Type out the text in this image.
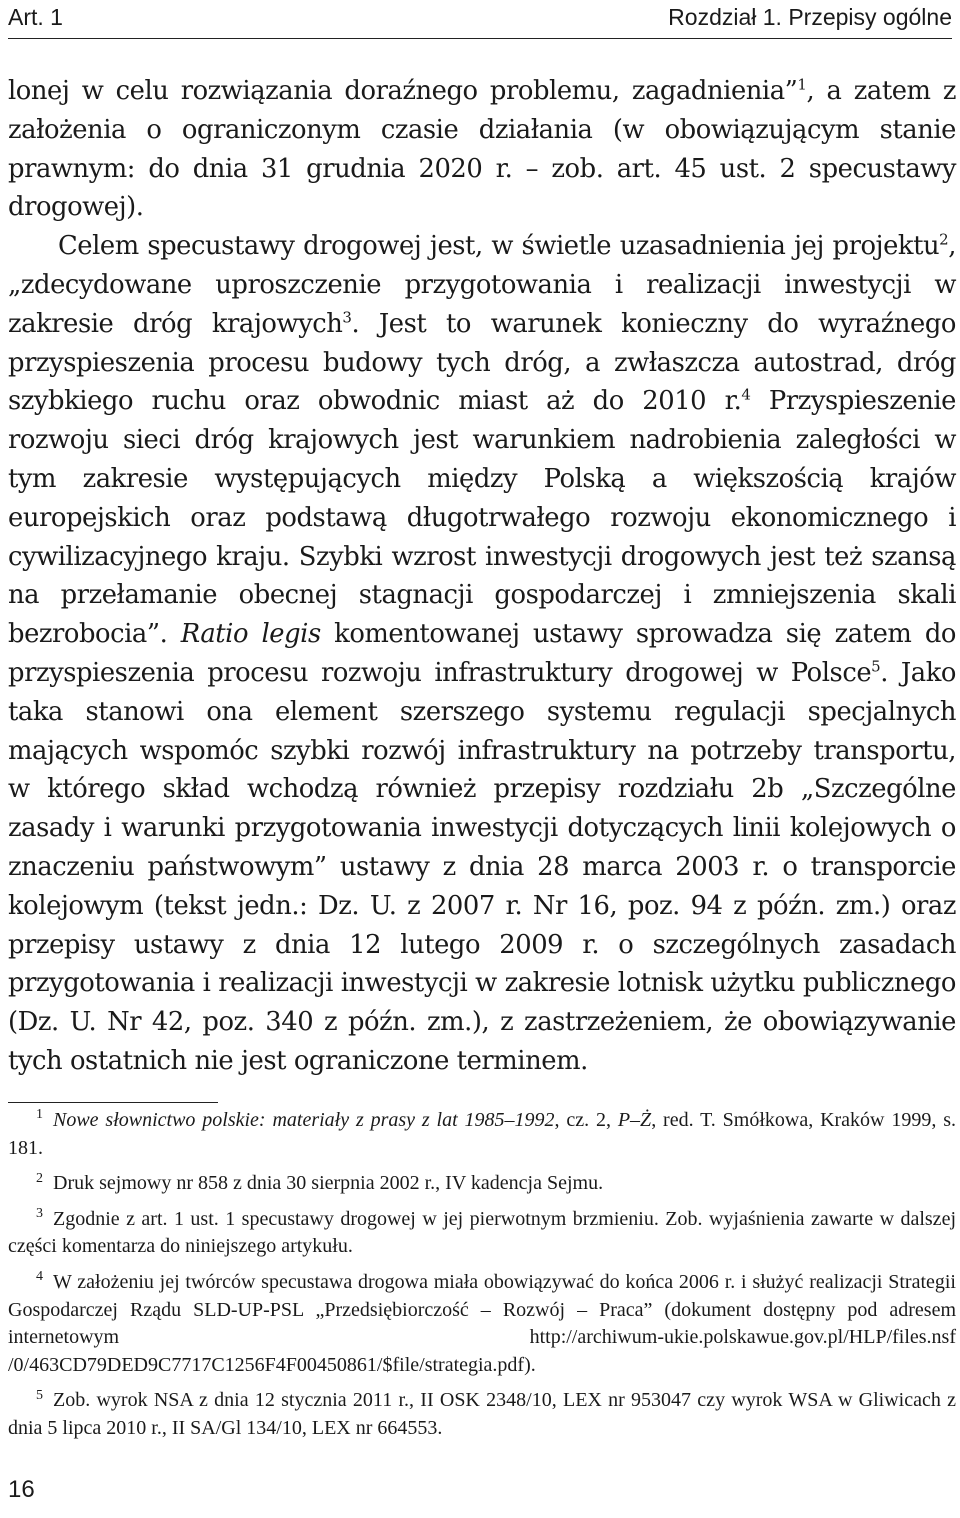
Art. 1	Rozdział 1. Przepisy ogólne

lonej w celu rozwiązania doraźnego problemu, zagadnienia”$^1$, a zatem z założenia o ograniczonym czasie działania (w obowiązującym stanie prawnym: do dnia 31 grudnia 2020 r. – zob. art. 45 ust. 2 specustawy drogowej).

Celem specustawy drogowej jest, w świetle uzasadnienia jej projektu$^2$, „zdecydowane uproszczenie przygotowania i realizacji inwestycji w zakresie dróg krajowych$^3$. Jest to warunek konieczny do wyraźnego przyspieszenia procesu budowy tych dróg, a zwłaszcza autostrad, dróg szybkiego ruchu oraz obwodnic miast aż do 2010 r.$^4$ Przyspieszenie rozwoju sieci dróg krajowych jest warunkiem nadrobienia zaległości w tym zakresie występujących między Polską a większością krajów europejskich oraz podstawą długotrwałego rozwoju ekonomicznego i cywilizacyjnego kraju. Szybki wzrost inwestycji drogowych jest też szansą na przełamanie obecnej stagnacji gospodarczej i zmniejszenia skali bezrobocia”. Ratio legis komentowanej ustawy sprowadza się zatem do przyspieszenia procesu rozwoju infrastruktury drogowej w Polsce$^5$. Jako taka stanowi ona element szerszego systemu regulacji specjalnych mających wspomóc szybki rozwój infrastruktury na potrzeby transportu, w którego skład wchodzą również przepisy rozdziału 2b „Szczególne zasady i warunki przygotowania inwestycji dotyczących linii kolejowych o znaczeniu państwowym” ustawy z dnia 28 marca 2003 r. o transporcie kolejowym (tekst jedn.: Dz. U. z 2007 r. Nr 16, poz. 94 z późn. zm.) oraz przepisy ustawy z dnia 12 lutego 2009 r. o szczególnych zasadach przygotowania i realizacji inwestycji w zakresie lotnisk użytku publicznego (Dz. U. Nr 42, poz. 340 z późn. zm.), z zastrzeżeniem, że obowiązywanie tych ostatnich nie jest ograniczone terminem.

$^1$ Nowe słownictwo polskie: materiały z prasy z lat 1985–1992, cz. 2, P–Ż, red. T. Smółkowa, Kraków 1999, s. 181.

$^2$ Druk sejmowy nr 858 z dnia 30 sierpnia 2002 r., IV kadencja Sejmu.

$^3$ Zgodnie z art. 1 ust. 1 specustawy drogowej w jej pierwotnym brzmieniu. Zob. wyjaśnienia zawarte w dalszej części komentarza do niniejszego artykułu.

$^4$ W założeniu jej twórców specustawa drogowa miała obowiązywać do końca 2006 r. i służyć realizacji Strategii Gospodarczej Rządu SLD-UP-PSL „Przedsiębiorczość – Rozwój – Praca” (dokument dostępny pod adresem internetowym http://archiwum-ukie.polskawue.gov.pl/HLP/files.nsf /0/463CD79DED9C7717C1256F4F00450861/$file/strategia.pdf).

$^5$ Zob. wyrok NSA z dnia 12 stycznia 2011 r., II OSK 2348/10, LEX nr 953047 czy wyrok WSA w Gliwicach z dnia 5 lipca 2010 r., II SA/Gl 134/10, LEX nr 664553.

16
